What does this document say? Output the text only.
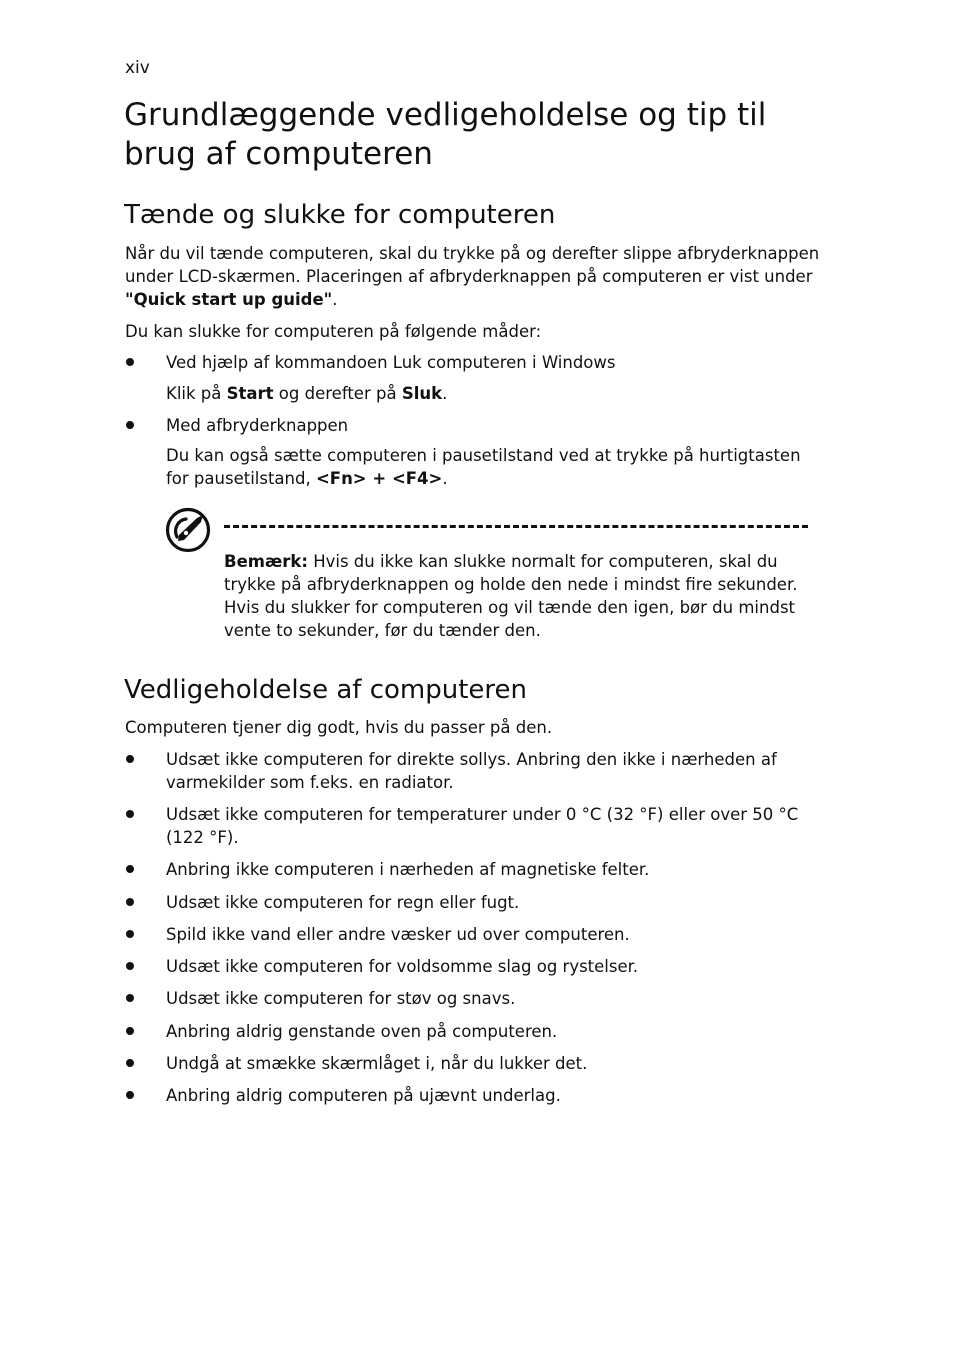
xiv
Grundlæggende vedligeholdelse og tip til brug af computeren
Tænde og slukke for computeren

Når du vil tænde computeren, skal du trykke på og derefter slippe afbryderknappen under LCD-skærmen. Placeringen af afbryderknappen på computeren er vist under "Quick start up guide".

Du kan slukke for computeren på følgende måder:

Ved hjælp af kommandoen Luk computeren i Windows

Klik på Start og derefter på Sluk.

Med afbryderknappen

Du kan også sætte computeren i pausetilstand ved at trykke på hurtigtasten for pausetilstand, <Fn> + <F4>.

Bemærk: Hvis du ikke kan slukke normalt for computeren, skal du trykke på afbryderknappen og holde den nede i mindst fire sekunder. Hvis du slukker for computeren og vil tænde den igen, bør du mindst vente to sekunder, før du tænder den.

Vedligeholdelse af computeren

Computeren tjener dig godt, hvis du passer på den.

Udsæt ikke computeren for direkte sollys. Anbring den ikke i nærheden af varmekilder som f.eks. en radiator.

Udsæt ikke computeren for temperaturer under 0 °C (32 °F) eller over 50 °C (122 °F).

Anbring ikke computeren i nærheden af magnetiske felter.

Udsæt ikke computeren for regn eller fugt.

Spild ikke vand eller andre væsker ud over computeren.

Udsæt ikke computeren for voldsomme slag og rystelser.

Udsæt ikke computeren for støv og snavs.

Anbring aldrig genstande oven på computeren.

Undgå at smække skærmlåget i, når du lukker det.

Anbring aldrig computeren på ujævnt underlag.
